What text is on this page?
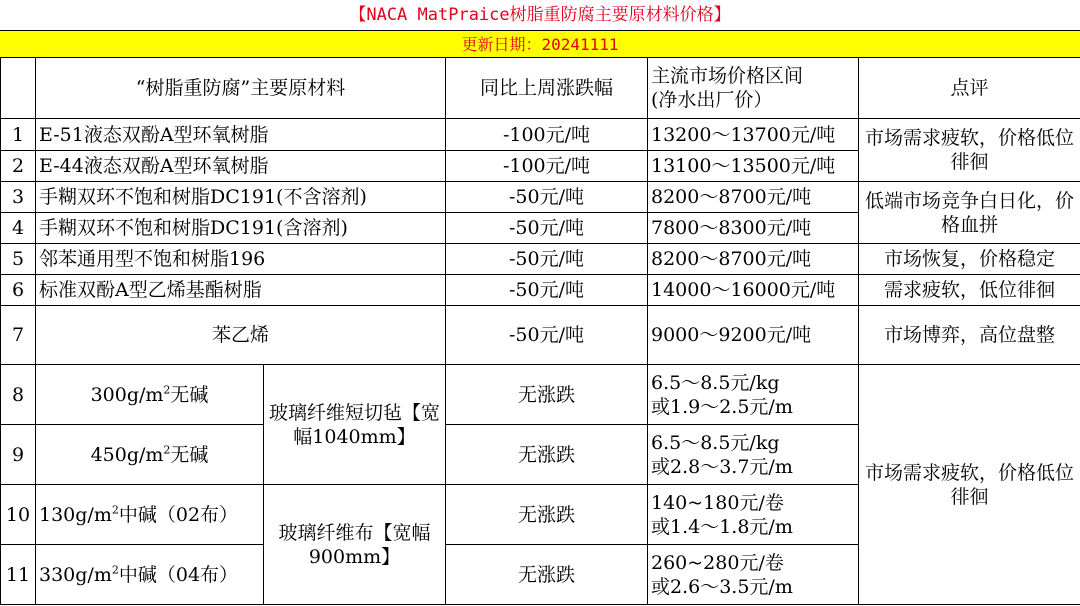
【NACA MatPraice树脂重防腐主要原材料价格】
更新日期：20241111
	“树脂重防腐”主要原材料		同比上周涨跌幅	主流市场价格区间
(净水出厂价）	点评
1	E-51液态双酚A型环氧树脂		-100元/吨	13200～13700元/吨	市场需求疲软，价格低位徘徊
2	E-44液态双酚A型环氧树脂		-100元/吨	13100～13500元/吨	
3	手糊双环不饱和树脂DC191(不含溶剂)		-50元/吨	8200～8700元/吨	低端市场竞争白日化，价格血拼
4	手糊双环不饱和树脂DC191(含溶剂)		-50元/吨	7800～8300元/吨	
5	邻苯通用型不饱和树脂196		-50元/吨	8200～8700元/吨	市场恢复，价格稳定
6	标准双酚A型乙烯基酯树脂		-50元/吨	14000～16000元/吨	需求疲软，低位徘徊
7	苯乙烯		-50元/吨	9000～9200元/吨	市场博弈，高位盘整
8	$300g/m^2$无碱	玻璃纤维短切毡【宽幅1040mm】	无涨跌	6.5～8.5元/kg
或1.9～2.5元/m	市场需求疲软，价格低位徘徊
9	$450g/m^2$无碱		无涨跌	6.5～8.5元/kg
或2.8～3.7元/m	

10	$130g/m^2$中碱（02布）	玻璃纤维布【宽幅900mm】	无涨跌	140~180元/卷
或1.4～1.8元/m	

11	$330g/m^2$中碱（04布）		无涨跌	260~280元/卷
或2.6～3.5元/m	
